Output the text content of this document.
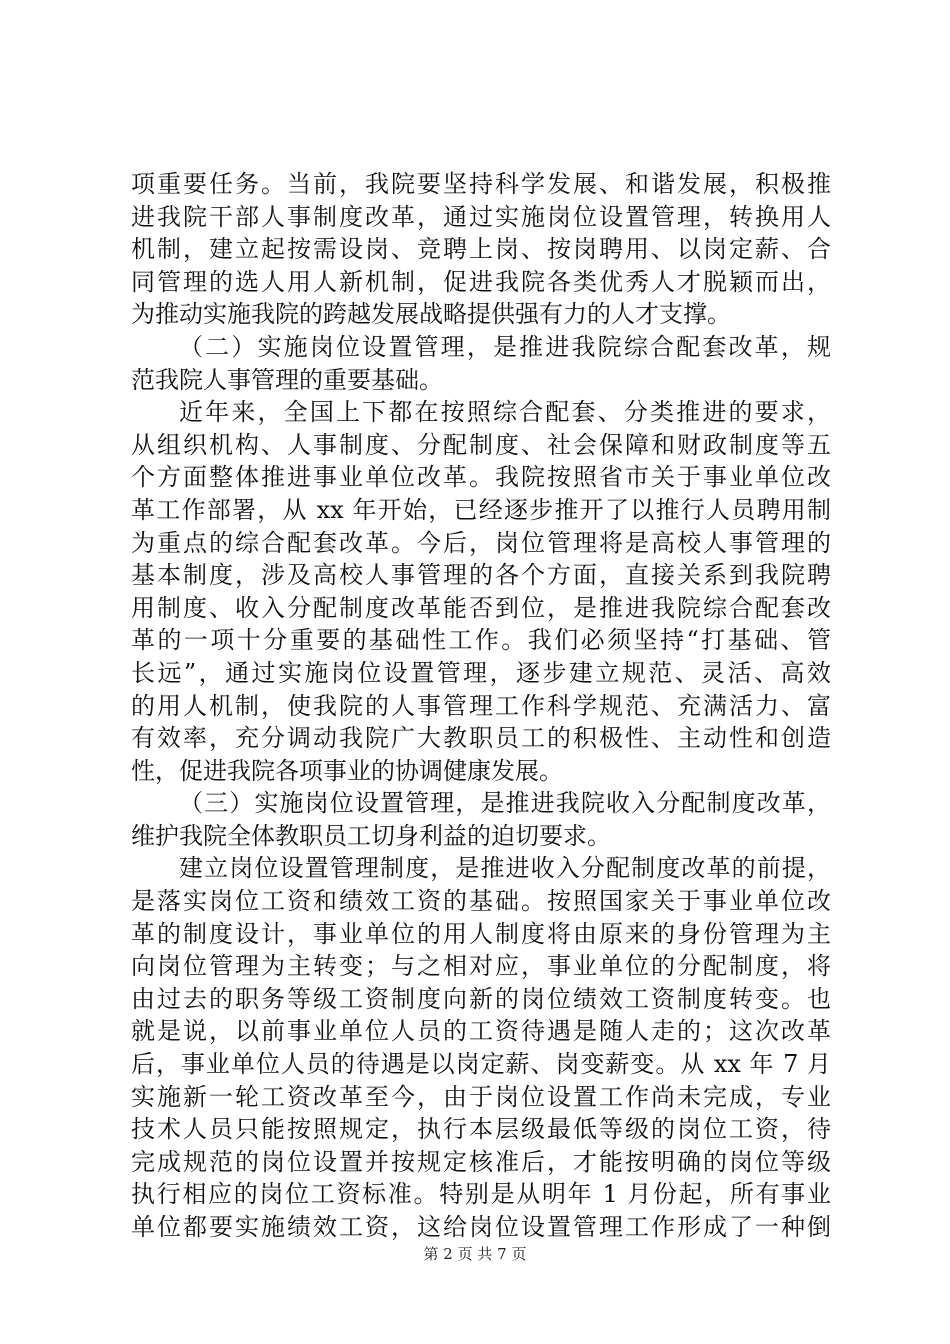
项重要任务。当前，我院要坚持科学发展、和谐发展，积极推
进我院干部人事制度改革，通过实施岗位设置管理，转换用人
机制，建立起按需设岗、竞聘上岗、按岗聘用、以岗定薪、合
同管理的选人用人新机制，促进我院各类优秀人才脱颖而出，
为推动实施我院的跨越发展战略提供强有力的人才支撑。
（二）实施岗位设置管理，是推进我院综合配套改革，规
范我院人事管理的重要基础。
近年来，全国上下都在按照综合配套、分类推进的要求，
从组织机构、人事制度、分配制度、社会保障和财政制度等五
个方面整体推进事业单位改革。我院按照省市关于事业单位改
革工作部署，从 xx 年开始，已经逐步推开了以推行人员聘用制
为重点的综合配套改革。今后，岗位管理将是高校人事管理的
基本制度，涉及高校人事管理的各个方面，直接关系到我院聘
用制度、收入分配制度改革能否到位，是推进我院综合配套改
革的一项十分重要的基础性工作。我们必须坚持“打基础、管
长远”，通过实施岗位设置管理，逐步建立规范、灵活、高效
的用人机制，使我院的人事管理工作科学规范、充满活力、富
有效率，充分调动我院广大教职员工的积极性、主动性和创造
性，促进我院各项事业的协调健康发展。
（三）实施岗位设置管理，是推进我院收入分配制度改革，
维护我院全体教职员工切身利益的迫切要求。
建立岗位设置管理制度，是推进收入分配制度改革的前提，
是落实岗位工资和绩效工资的基础。按照国家关于事业单位改
革的制度设计，事业单位的用人制度将由原来的身份管理为主
向岗位管理为主转变；与之相对应，事业单位的分配制度，将
由过去的职务等级工资制度向新的岗位绩效工资制度转变。也
就是说，以前事业单位人员的工资待遇是随人走的；这次改革
后，事业单位人员的待遇是以岗定薪、岗变薪变。从 xx 年 7 月
实施新一轮工资改革至今，由于岗位设置工作尚未完成，专业
技术人员只能按照规定，执行本层级最低等级的岗位工资，待
完成规范的岗位设置并按规定核准后，才能按明确的岗位等级
执行相应的岗位工资标准。特别是从明年 1 月份起，所有事业
单位都要实施绩效工资，这给岗位设置管理工作形成了一种倒
第 2 页 共 7 页
